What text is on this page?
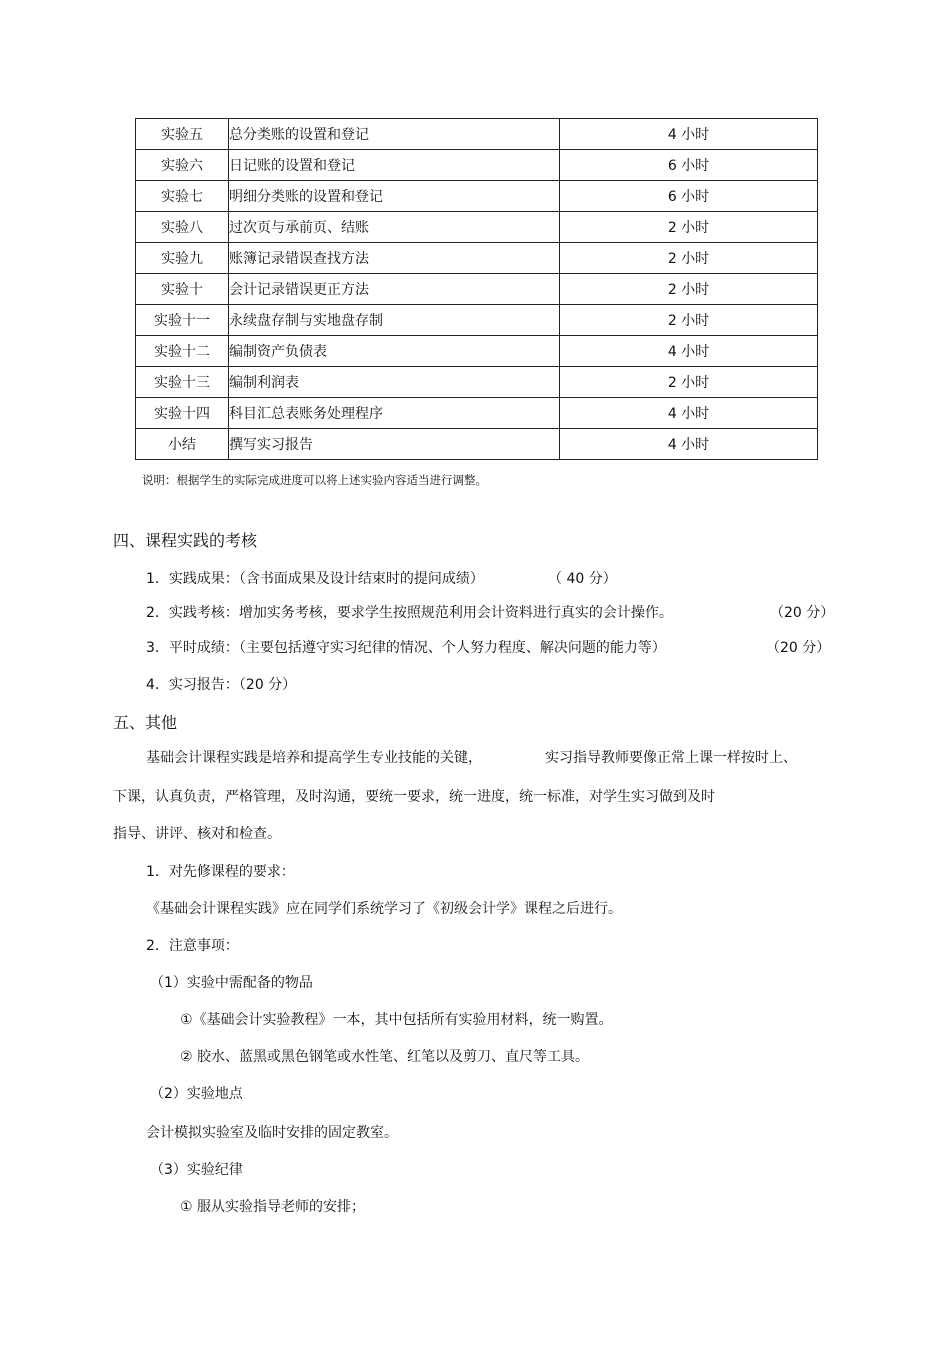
实验五	总分类账的设置和登记	4 小时
实验六	日记账的设置和登记	6 小时
实验七	明细分类账的设置和登记	6 小时
实验八	过次页与承前页、结账	2 小时
实验九	账簿记录错误查找方法	2 小时
实验十	会计记录错误更正方法	2 小时
实验十一	永续盘存制与实地盘存制	2 小时
实验十二	编制资产负债表	4 小时
实验十三	编制利润表	2 小时
实验十四	科目汇总表账务处理程序	4 小时
小结	撰写实习报告	4 小时
说明：根据学生的实际完成进度可以将上述实验内容适当进行调整。
四、课程实践的考核
1．实践成果：（含书面成果及设计结束时的提问成绩）	（ 40 分）
2．实践考核：增加实务考核，要求学生按照规范利用会计资料进行真实的会计操作。	（20 分）
3．平时成绩：（主要包括遵守实习纪律的情况、个人努力程度、解决问题的能力等）	（20 分）
4．实习报告：（20 分）
五、其他
基础会计课程实践是培养和提高学生专业技能的关键，	实习指导教师要像正常上课一样按时上、
下课，认真负责，严格管理，及时沟通，要统一要求，统一进度，统一标准，对学生实习做到及时
指导、讲评、核对和检查。
1．对先修课程的要求：
《基础会计课程实践》应在同学们系统学习了《初级会计学》课程之后进行。
2．注意事项：
（1）实验中需配备的物品
①《基础会计实验教程》一本，其中包括所有实验用材料，统一购置。
② 胶水、蓝黑或黑色钢笔或水性笔、红笔以及剪刀、直尺等工具。
（2）实验地点
会计模拟实验室及临时安排的固定教室。
（3）实验纪律
① 服从实验指导老师的安排；
